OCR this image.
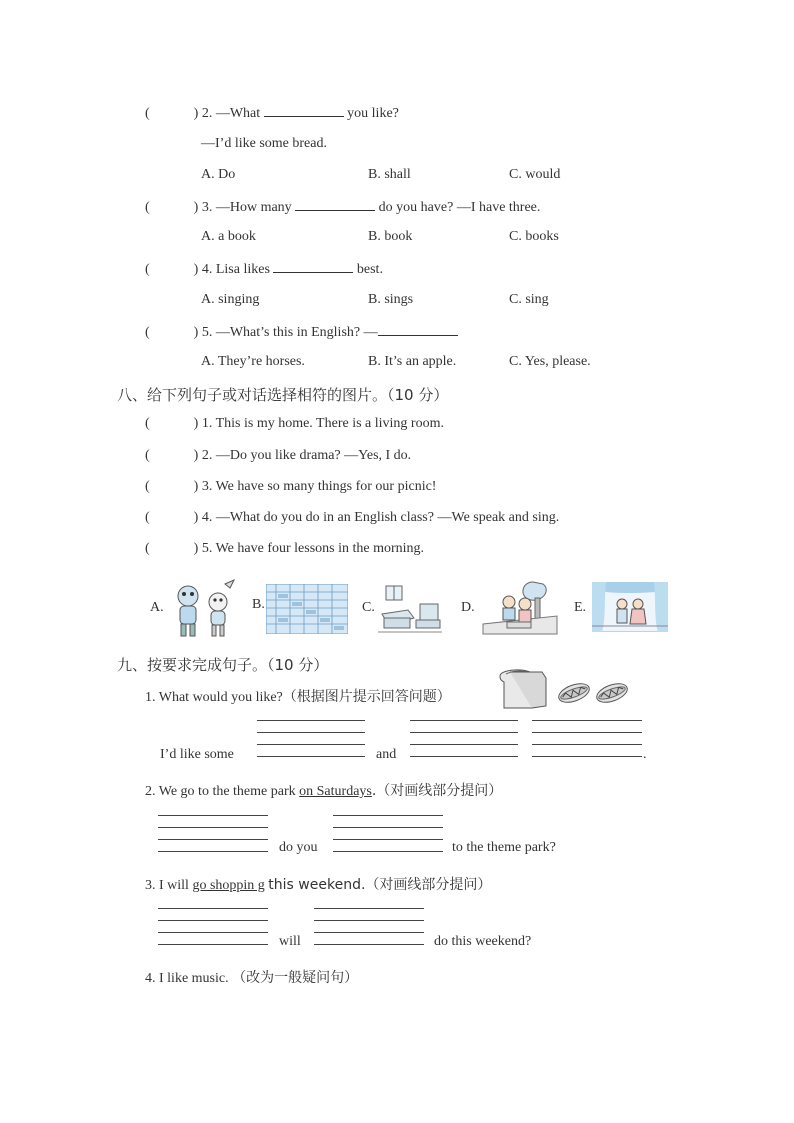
(	) 2. —What	you like?
—I’d like some bread.
A. Do	B. shall	C. would
(	) 3. —How many	do you have? —I have three.
A. a book	B. book	C. books
(	) 4. Lisa likes	best.
A. singing	B. sings	C. sing
(	) 5. —What’s this in English? —
A. They’re horses.	B. It’s an apple.	C. Yes, please.
八、给下列句子或对话选择相符的图片。（10 分）
(	) 1. This is my home. There is a living room.
(	) 2. —Do you like drama? —Yes, I do.
(	) 3. We have so many things for our picnic!
(	) 4. —What do you do in an English class? —We speak and sing.
(	) 5. We have four lessons in the morning.
A.	B.	C.	D.	E.
九、按要求完成句子。（10 分）
1. What would you like?（根据图片提示回答问题）
I’d like some	and	.
2. We go to the theme park on Saturdays.（对画线部分提问）
do you	to the theme park?
3. I will go shoppin g this weekend.（对画线部分提问）
will	do this weekend?
4. I like music. （改为一般疑问句）
